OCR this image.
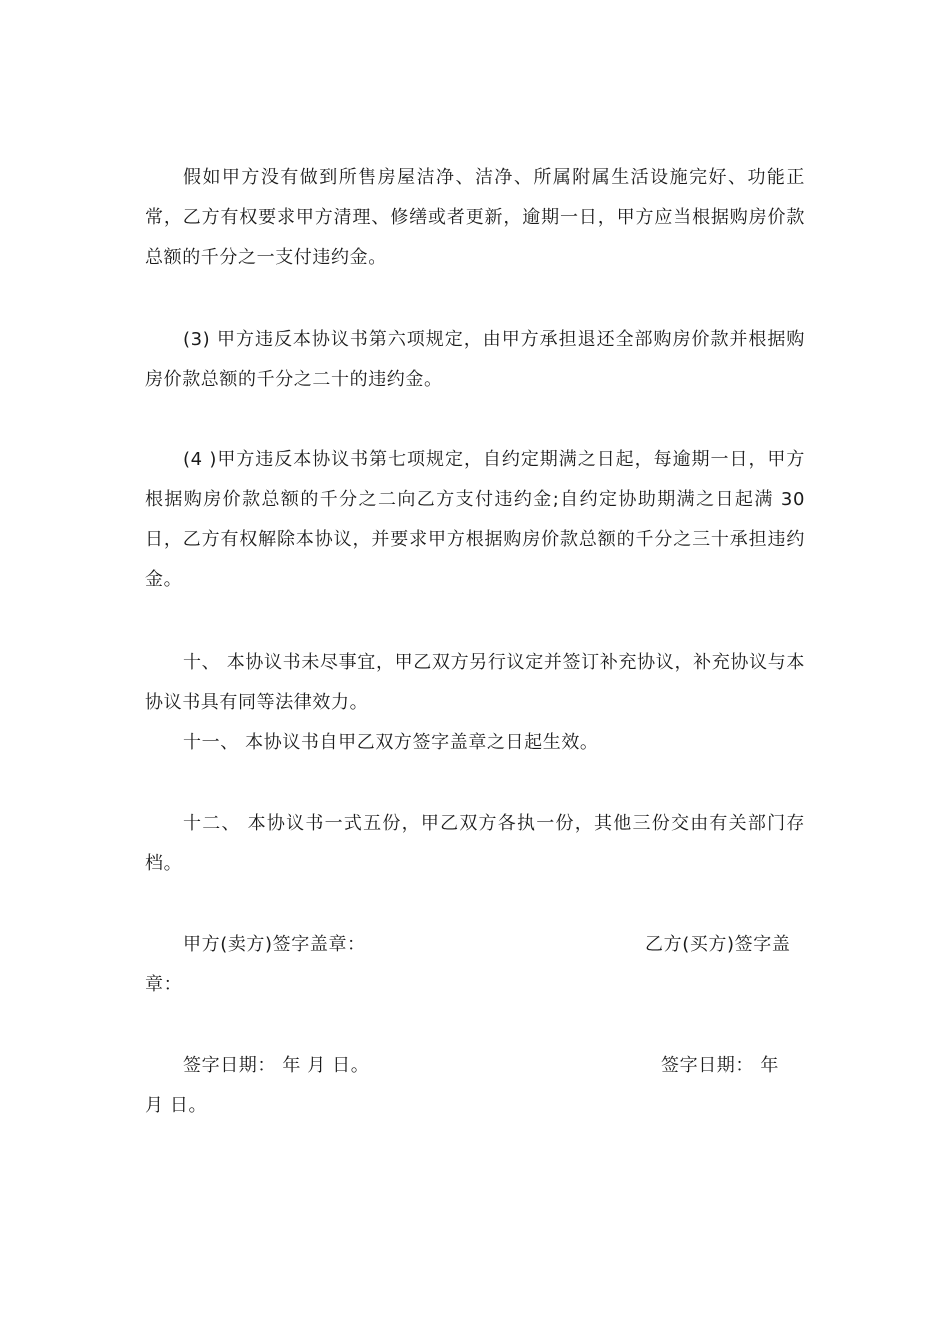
假如甲方没有做到所售房屋洁净、洁净、所属附属生活设施完好、功能正常，乙方有权要求甲方清理、修缮或者更新，逾期一日，甲方应当根据购房价款总额的千分之一支付违约金。

(3) 甲方违反本协议书第六项规定，由甲方承担退还全部购房价款并根据购房价款总额的千分之二十的违约金。

(4 )甲方违反本协议书第七项规定，自约定期满之日起，每逾期一日，甲方根据购房价款总额的千分之二向乙方支付违约金;自约定协助期满之日起满 30日，乙方有权解除本协议，并要求甲方根据购房价款总额的千分之三十承担违约金。

十、 本协议书未尽事宜，甲乙双方另行议定并签订补充协议，补充协议与本协议书具有同等法律效力。

十一、 本协议书自甲乙双方签字盖章之日起生效。

十二、 本协议书一式五份，甲乙双方各执一份，其他三份交由有关部门存档。

甲方(卖方)签字盖章：	乙方(买方)签字盖
章：
签字日期： 年 月 日。	签字日期： 年
月 日。
